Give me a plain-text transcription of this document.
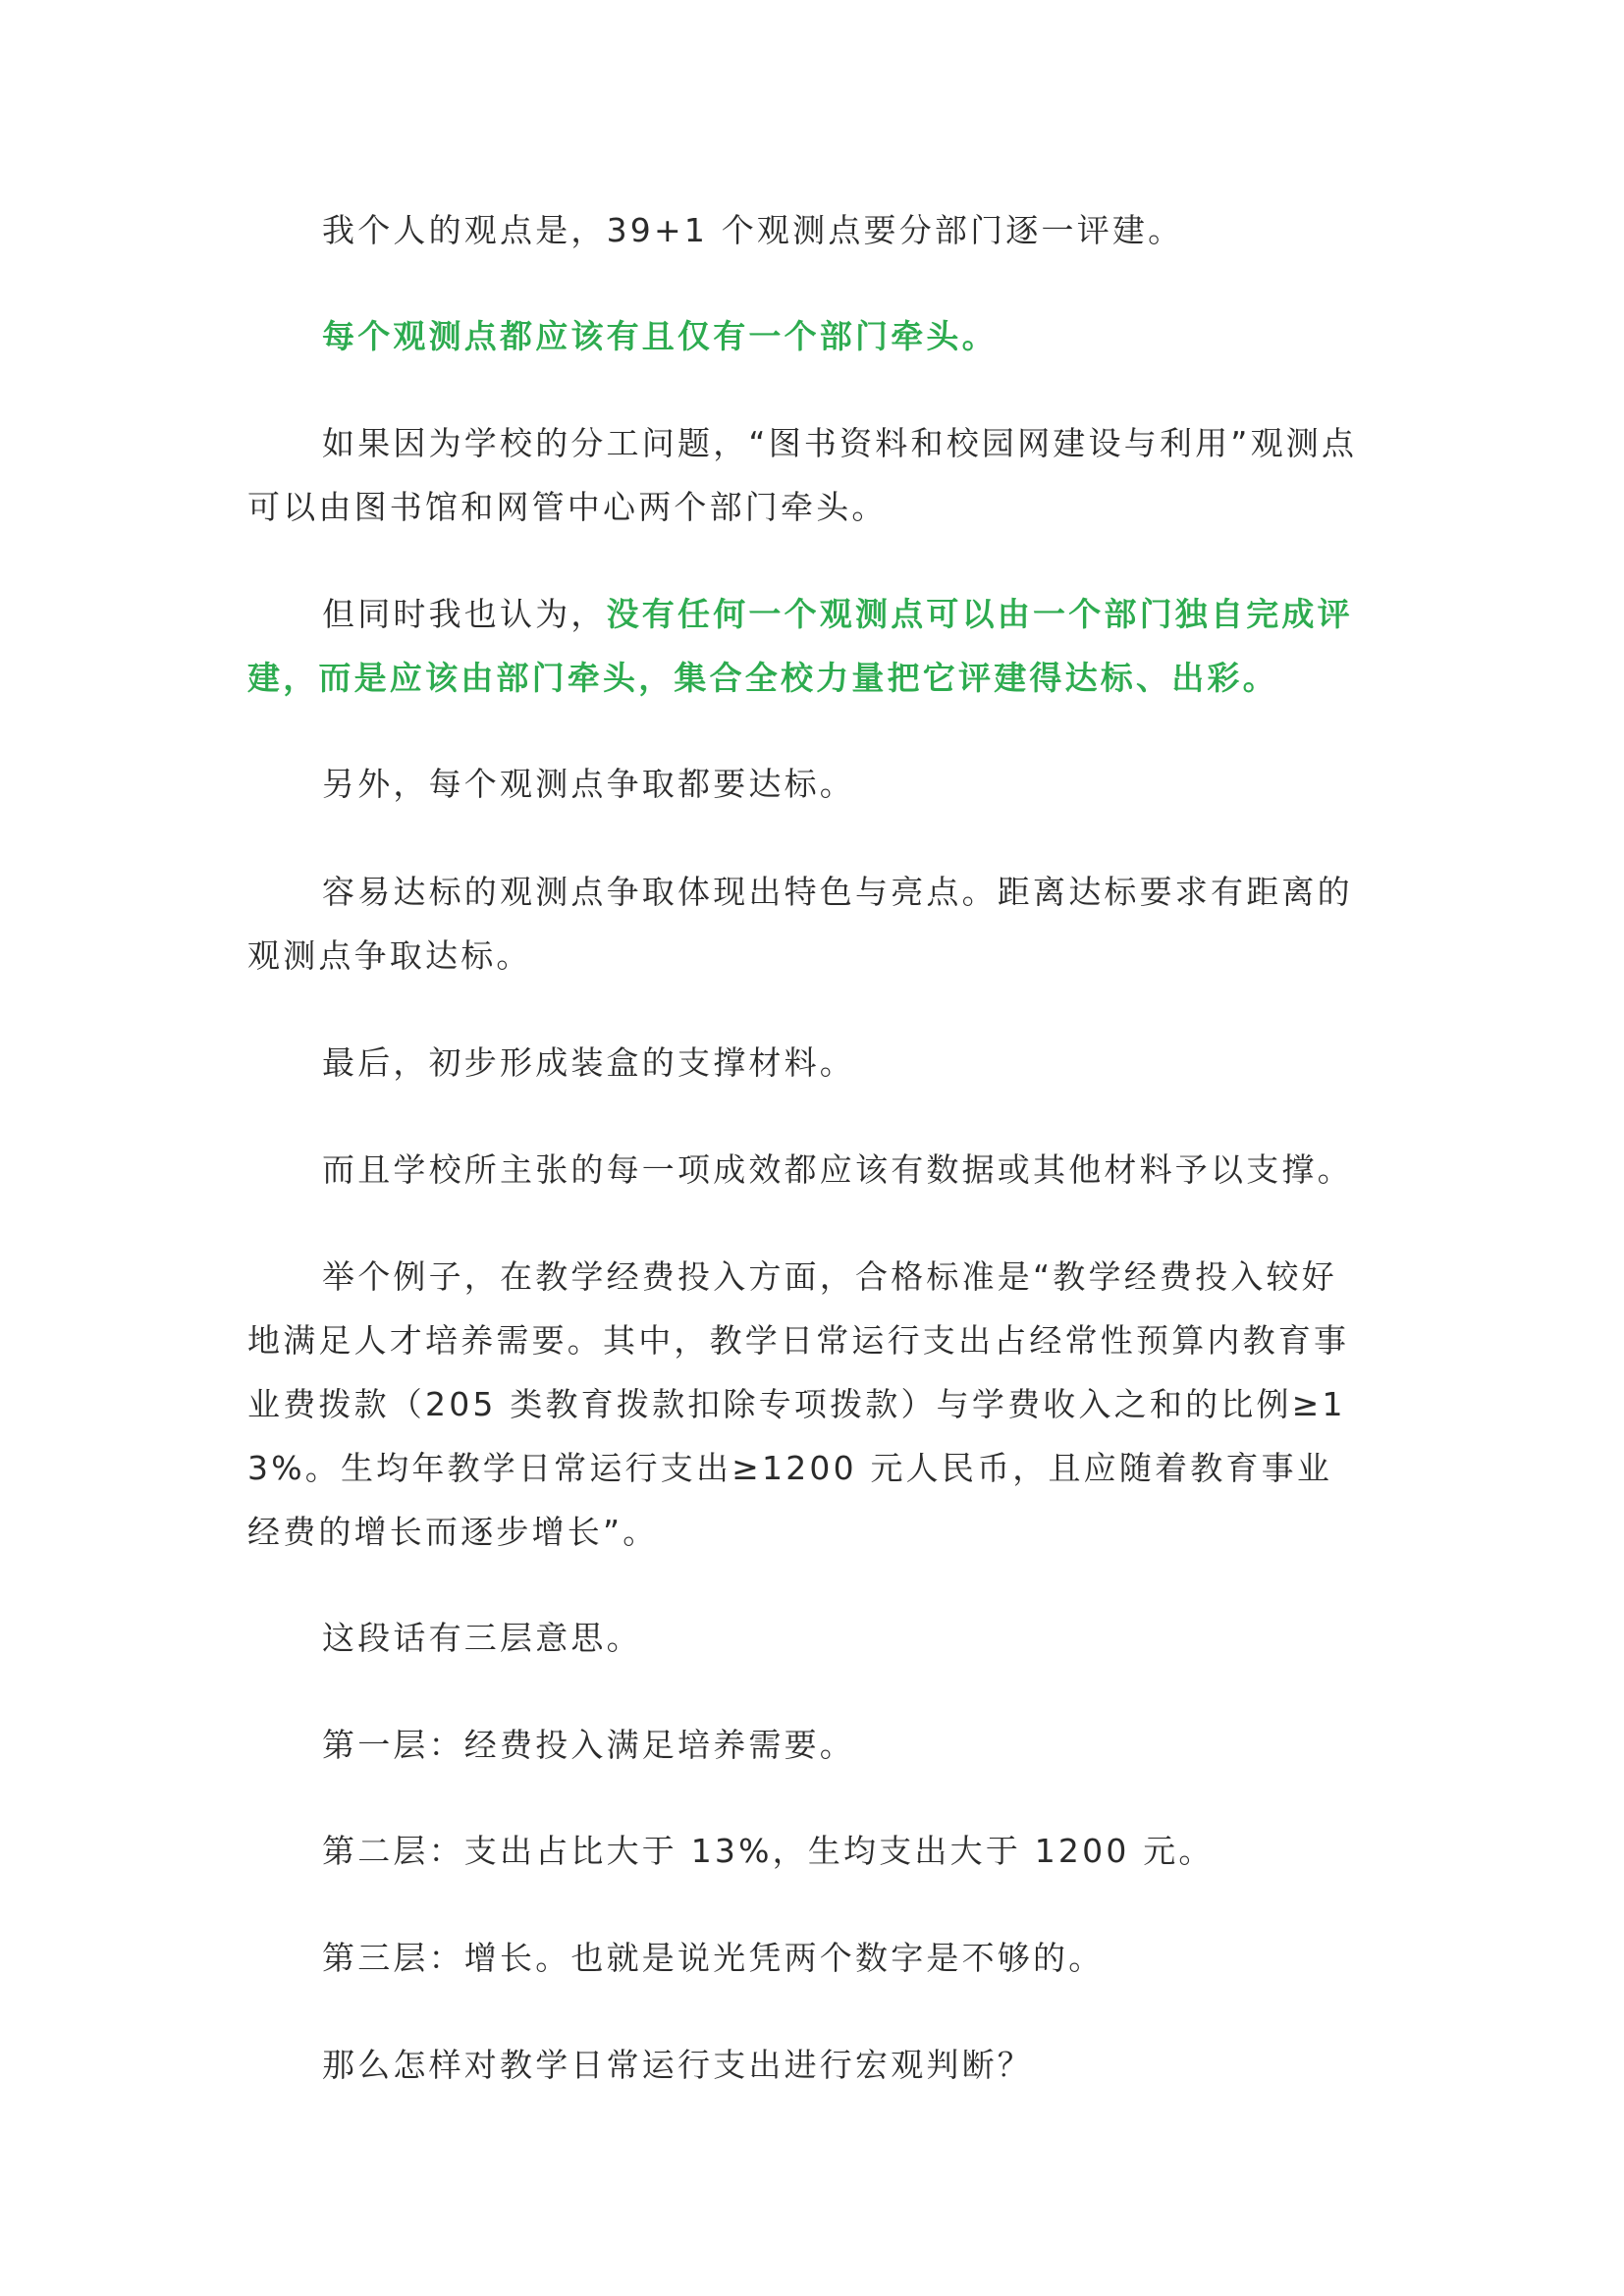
我个人的观点是，39+1 个观测点要分部门逐一评建。

每个观测点都应该有且仅有一个部门牵头。

如果因为学校的分工问题，“图书资料和校园网建设与利用”观测点可以由图书馆和网管中心两个部门牵头。

但同时我也认为，没有任何一个观测点可以由一个部门独自完成评建，而是应该由部门牵头，集合全校力量把它评建得达标、出彩。

另外，每个观测点争取都要达标。

容易达标的观测点争取体现出特色与亮点。距离达标要求有距离的观测点争取达标。

最后，初步形成装盒的支撑材料。

而且学校所主张的每一项成效都应该有数据或其他材料予以支撑。

举个例子，在教学经费投入方面，合格标准是“教学经费投入较好地满足人才培养需要。其中，教学日常运行支出占经常性预算内教育事业费拨款（205 类教育拨款扣除专项拨款）与学费收入之和的比例≥13%。生均年教学日常运行支出≥1200 元人民币，且应随着教育事业经费的增长而逐步增长”。

这段话有三层意思。

第一层：经费投入满足培养需要。

第二层：支出占比大于 13%，生均支出大于 1200 元。

第三层：增长。也就是说光凭两个数字是不够的。

那么怎样对教学日常运行支出进行宏观判断？
